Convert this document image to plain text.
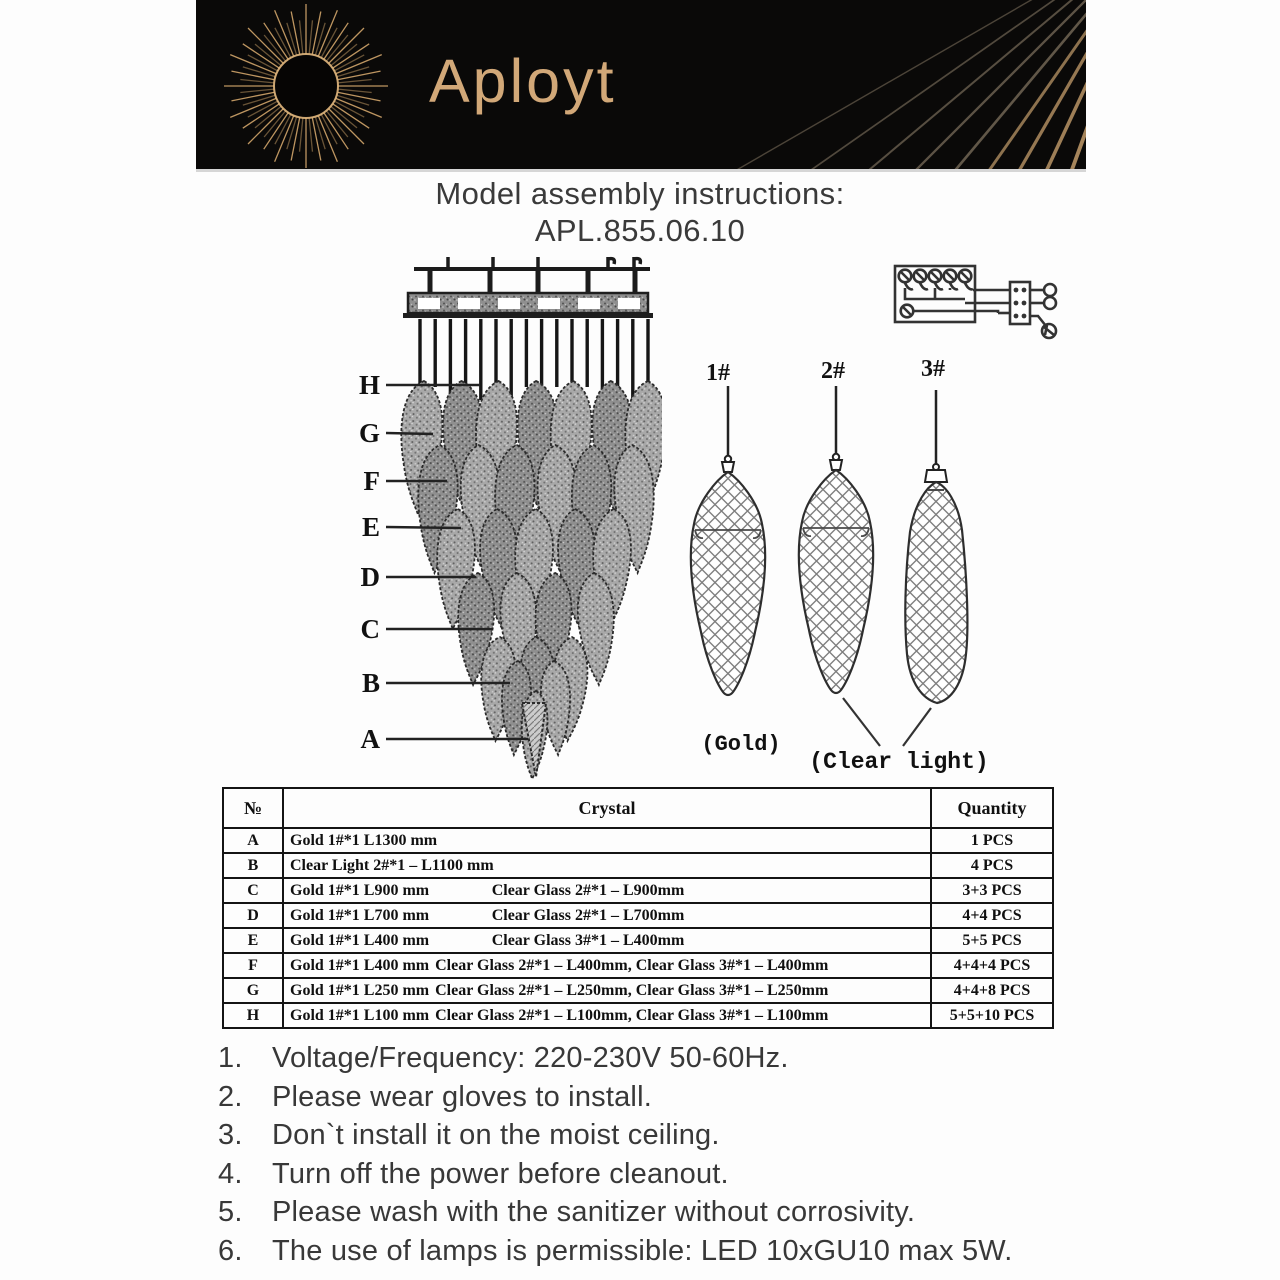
Aployt
Model assembly instructions:
APL.855.06.10
H
G
F
E
D
C
B
A
1#	2#	3#
(Gold)
(Clear light)
№	Crystal	Quantity
A	Gold 1#*1 L1300 mm	1 PCS
B	Clear Light 2#*1 – L1100 mm	4 PCS
C	Gold 1#*1 L900 mm Clear Glass 2#*1 – L900mm	3+3 PCS
D	Gold 1#*1 L700 mm Clear Glass 2#*1 – L700mm	4+4 PCS
E	Gold 1#*1 L400 mm Clear Glass 3#*1 – L400mm	5+5 PCS
F	Gold 1#*1 L400 mm Clear Glass 2#*1 – L400mm, Clear Glass 3#*1 – L400mm	4+4+4 PCS
G	Gold 1#*1 L250 mm Clear Glass 2#*1 – L250mm, Clear Glass 3#*1 – L250mm	4+4+8 PCS
H	Gold 1#*1 L100 mm Clear Glass 2#*1 – L100mm, Clear Glass 3#*1 – L100mm	5+5+10 PCS
1.	Voltage/Frequency: 220-230V 50-60Hz.
2.	Please wear gloves to install.
3.	Don`t install it on the moist ceiling.
4.	Turn off the power before cleanout.
5.	Please wash with the sanitizer without corrosivity.
6.	The use of lamps is permissible: LED 10xGU10 max 5W.
